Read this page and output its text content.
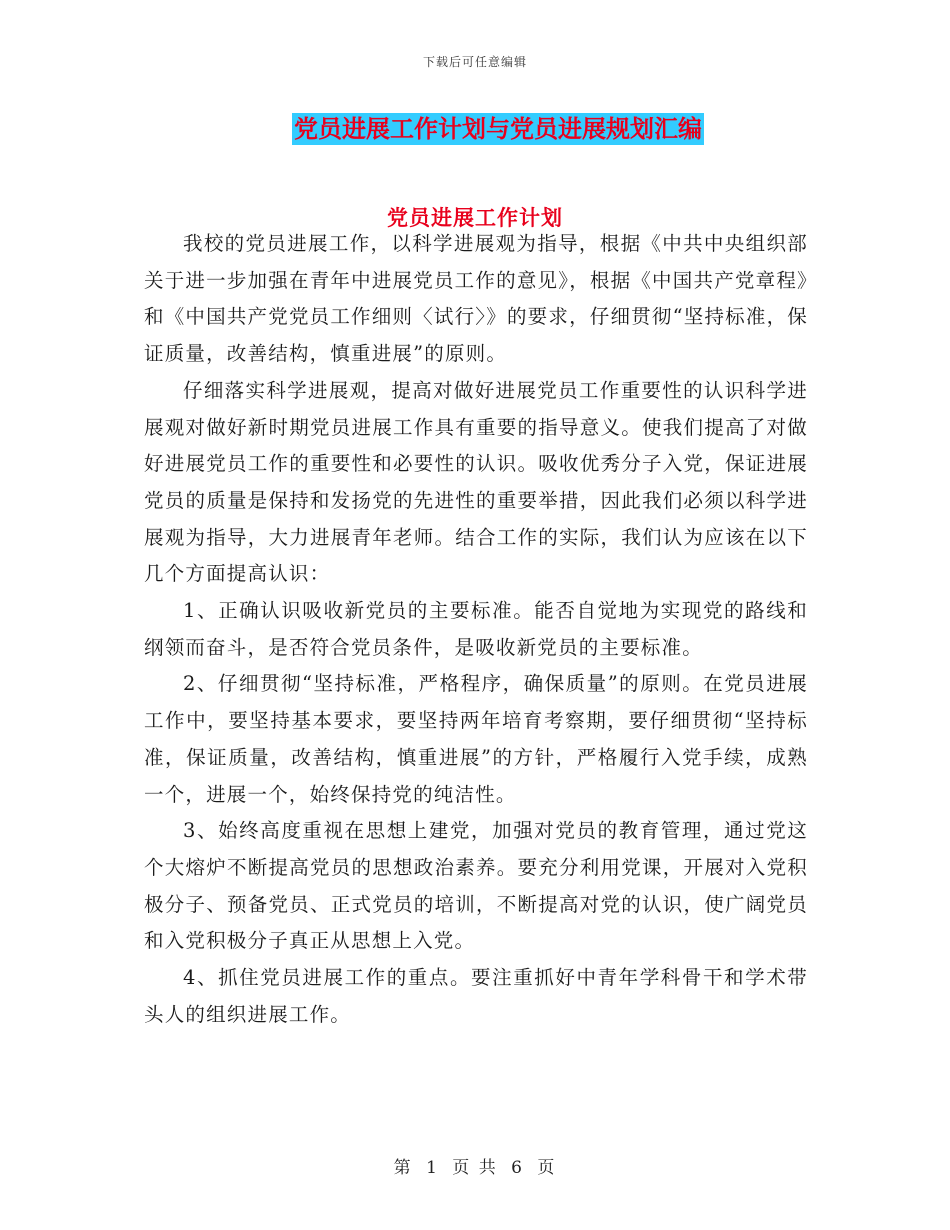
下载后可任意编辑
党员进展工作计划与党员进展规划汇编
党员进展工作计划

我校的党员进展工作，以科学进展观为指导，根据《中共中央组织部关于进一步加强在青年中进展党员工作的意见》，根据《中国共产党章程》和《中国共产党党员工作细则〈试行〉》的要求，仔细贯彻“坚持标准，保证质量，改善结构，慎重进展”的原则。

仔细落实科学进展观，提高对做好进展党员工作重要性的认识科学进展观对做好新时期党员进展工作具有重要的指导意义。使我们提高了对做好进展党员工作的重要性和必要性的认识。吸收优秀分子入党，保证进展党员的质量是保持和发扬党的先进性的重要举措，因此我们必须以科学进展观为指导，大力进展青年老师。结合工作的实际，我们认为应该在以下几个方面提高认识：

1、正确认识吸收新党员的主要标准。能否自觉地为实现党的路线和纲领而奋斗，是否符合党员条件，是吸收新党员的主要标准。

2、仔细贯彻“坚持标准，严格程序，确保质量”的原则。在党员进展工作中，要坚持基本要求，要坚持两年培育考察期，要仔细贯彻“坚持标准，保证质量，改善结构，慎重进展”的方针，严格履行入党手续，成熟一个，进展一个，始终保持党的纯洁性。

3、始终高度重视在思想上建党，加强对党员的教育管理，通过党这个大熔炉不断提高党员的思想政治素养。要充分利用党课，开展对入党积极分子、预备党员、正式党员的培训，不断提高对党的认识，使广阔党员和入党积极分子真正从思想上入党。

4、抓住党员进展工作的重点。要注重抓好中青年学科骨干和学术带头人的组织进展工作。

第 1 页 共 6 页
